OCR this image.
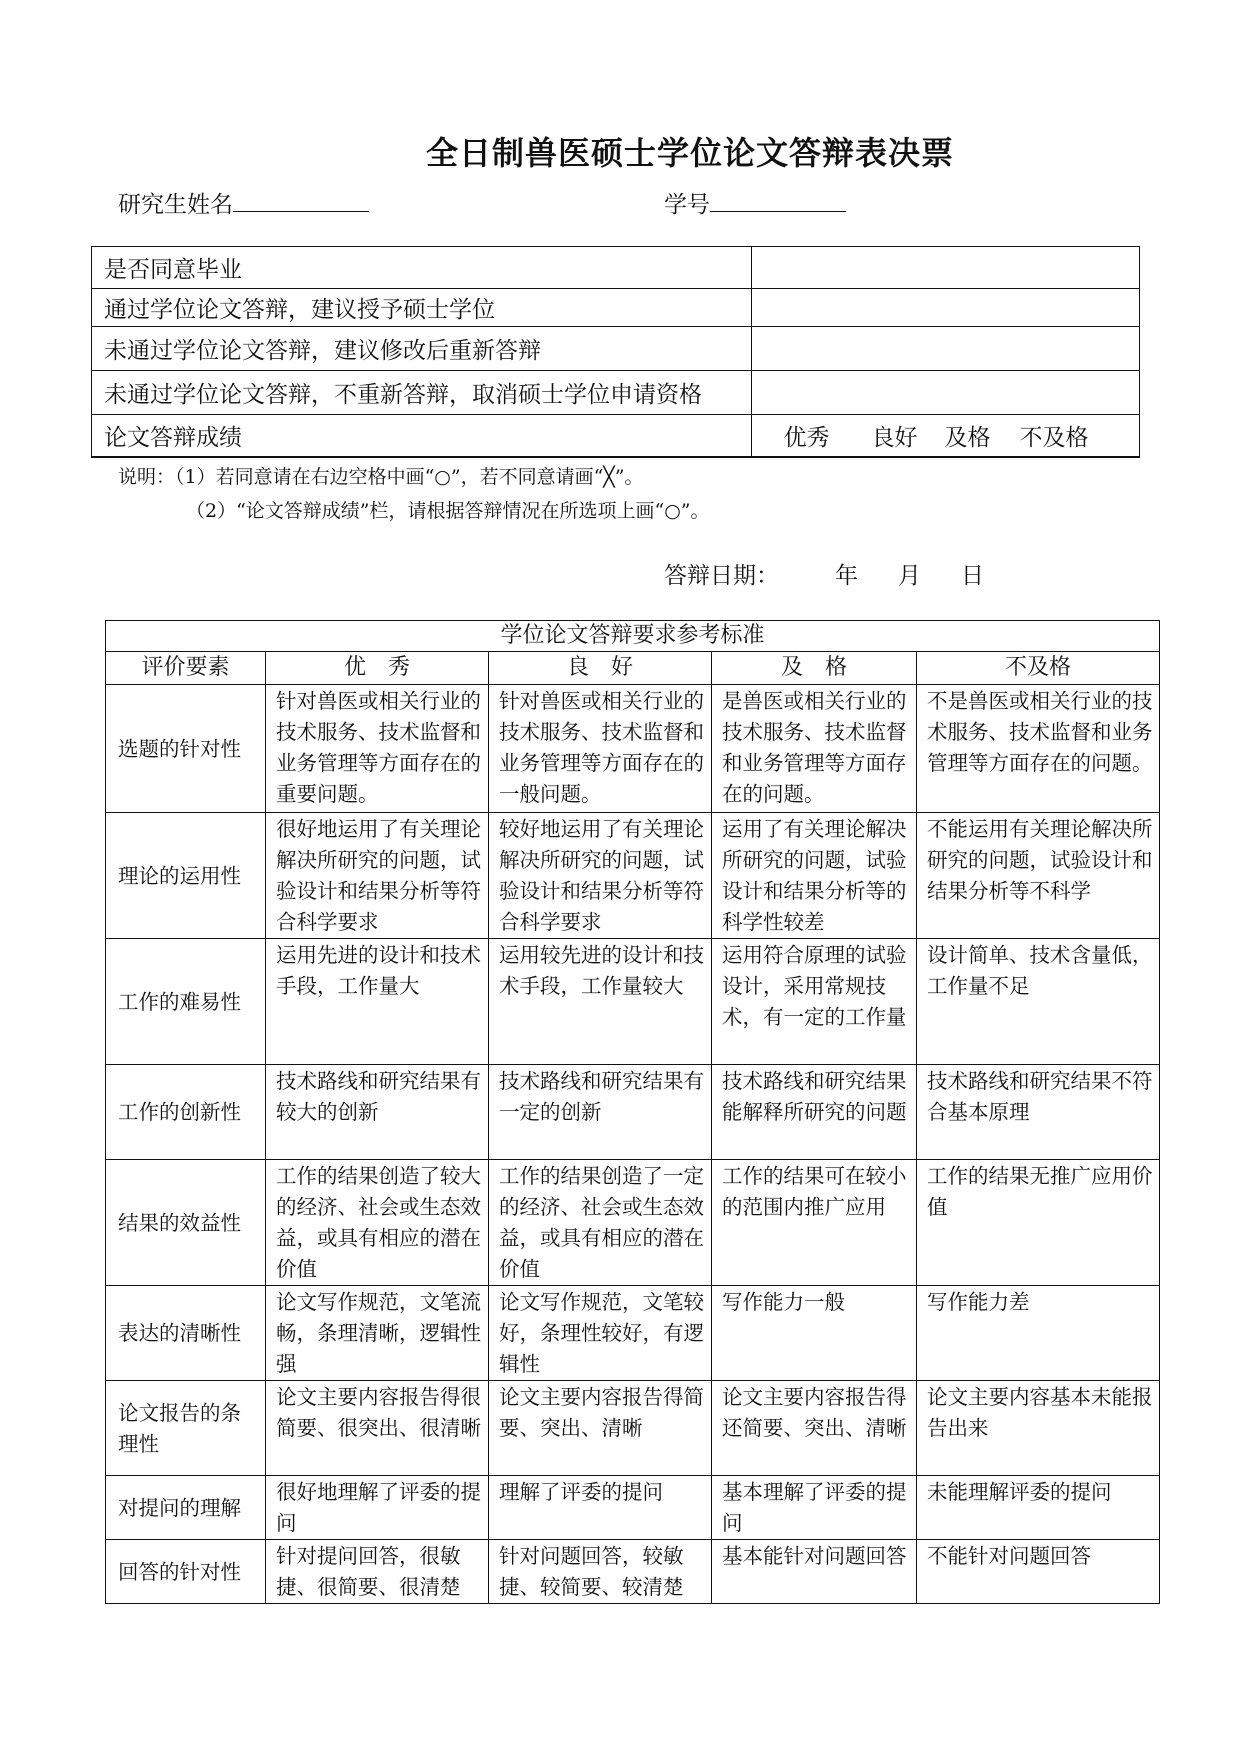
全日制兽医硕士学位论文答辩表决票
研究生姓名	学号
是否同意毕业	
通过学位论文答辩，建议授予硕士学位	
未通过学位论文答辩，建议修改后重新答辩	
未通过学位论文答辩，不重新答辩，取消硕士学位申请资格	
论文答辩成绩	优秀 良好 及格 不及格
说明：（1）若同意请在右边空格中画“○”，若不同意请画“╳”。
（2）“论文答辩成绩”栏，请根据答辩情况在所选项上画“○”。
答辩日期： 年 月 日
学位论文答辩要求参考标准				
评价要素	优　秀	良　好	及　格	不及格
选题的针对性	针对兽医或相关行业的技术服务、技术监督和业务管理等方面存在的重要问题。	针对兽医或相关行业的技术服务、技术监督和业务管理等方面存在的一般问题。	是兽医或相关行业的技术服务、技术监督和业务管理等方面存在的问题。	不是兽医或相关行业的技术服务、技术监督和业务管理等方面存在的问题。
理论的运用性	很好地运用了有关理论解决所研究的问题，试验设计和结果分析等符合科学要求	较好地运用了有关理论解决所研究的问题，试验设计和结果分析等符合科学要求	运用了有关理论解决所研究的问题，试验设计和结果分析等的科学性较差	不能运用有关理论解决所研究的问题，试验设计和结果分析等不科学
工作的难易性	运用先进的设计和技术手段，工作量大	运用较先进的设计和技术手段，工作量较大	运用符合原理的试验设计，采用常规技术，有一定的工作量	设计简单、技术含量低，工作量不足
工作的创新性	技术路线和研究结果有较大的创新	技术路线和研究结果有一定的创新	技术路线和研究结果能解释所研究的问题	技术路线和研究结果不符合基本原理
结果的效益性	工作的结果创造了较大的经济、社会或生态效益，或具有相应的潜在价值	工作的结果创造了一定的经济、社会或生态效益，或具有相应的潜在价值	工作的结果可在较小的范围内推广应用	工作的结果无推广应用价值
表达的清晰性	论文写作规范，文笔流畅，条理清晰，逻辑性强	论文写作规范，文笔较好，条理性较好，有逻辑性	写作能力一般	写作能力差
论文报告的条理性	论文主要内容报告得很简要、很突出、很清晰	论文主要内容报告得简要、突出、清晰	论文主要内容报告得还简要、突出、清晰	论文主要内容基本未能报告出来
对提问的理解	很好地理解了评委的提问	理解了评委的提问	基本理解了评委的提问	未能理解评委的提问
回答的针对性	针对提问回答，很敏捷、很简要、很清楚	针对问题回答，较敏捷、较简要、较清楚	基本能针对问题回答	不能针对问题回答
